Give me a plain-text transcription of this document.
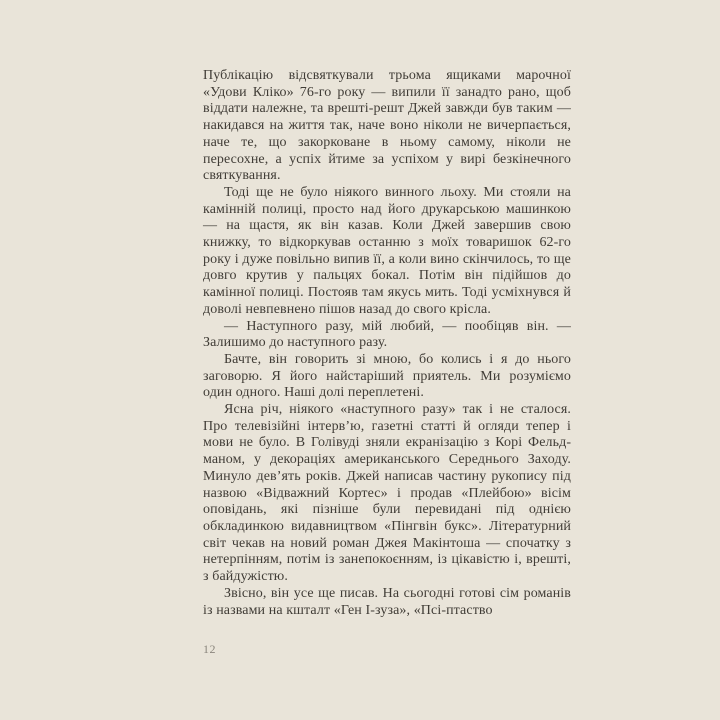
Публікацію відсвяткували трьома ящиками марочної «Удови Кліко» 76-го року — випили її занадто рано, щоб віддати належне, та врешті-решт Джей завжди був таким — накидався на життя так, наче воно ніколи не вичерпається, наче те, що закорковане в ньому самому, ніколи не пересохне, а успіх йтиме за успіхом у вирі безкінечного святкування.

Тоді ще не було ніякого винного льоху. Ми стояли на камінній полиці, просто над його друкарською машинкою — на щастя, як він казав. Коли Джей завершив свою книжку, то відкоркував останню з моїх товаришок 62-го року і дуже повільно випив її, а коли вино скінчилось, то ще довго крутив у пальцях бокал. Потім він підійшов до камінної полиці. Постояв там якусь мить. Тоді усміхнувся й доволі невпевнено пішов назад до свого крісла.

— Наступного разу, мій любий, — пообіцяв він. — Залишимо до наступного разу.

Бачте, він говорить зі мною, бо колись і я до нього заговорю. Я його найстаріший приятель. Ми розуміємо один одного. Наші долі переплетені.

Ясна річ, ніякого «наступного разу» так і не сталося. Про телевізійні інтерв’ю, газетні статті й огляди тепер і мови не було. В Голівуді зняли екранізацію з Корі Фельдманом, у декораціях американського Середнього Заходу. Минуло дев’ять років. Джей написав частину рукопису під назвою «Відважний Кортес» і продав «Плейбою» вісім оповідань, які пізніше були перевидані під однією обкладинкою видавництвом «Пінгвін букс». Літературний світ чекав на новий роман Джея Макінтоша — спочатку з нетерпінням, потім із занепокоєнням, із цікавістю і, врешті, з байдужістю.

Звісно, він усе ще писав. На сьогодні готові сім романів із назвами на кшталт «Ген І-зуза», «Псі-птаство

12
